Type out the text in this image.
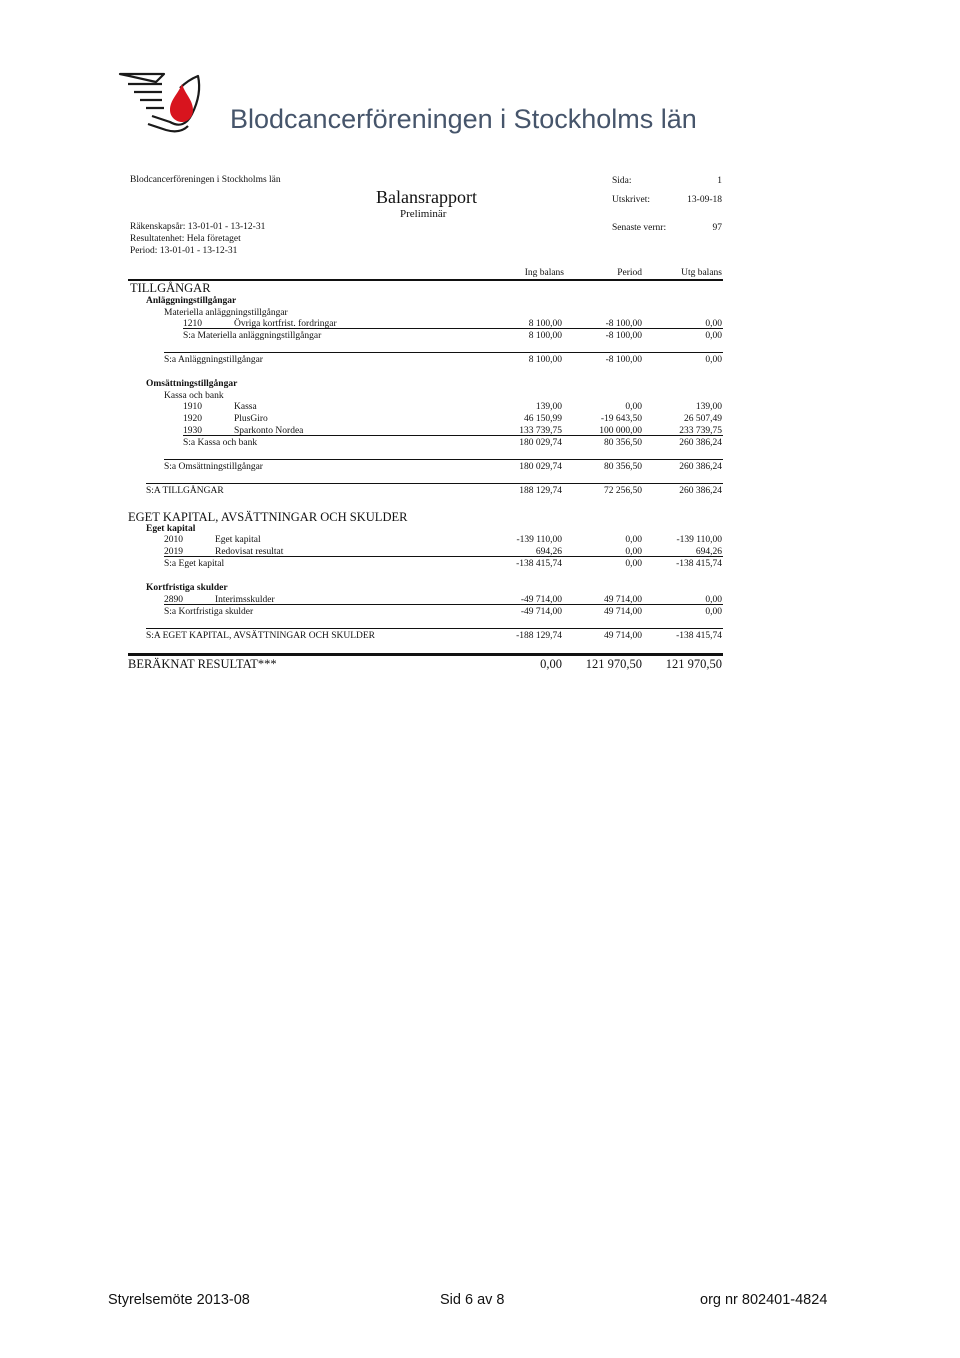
Blodcancerföreningen i Stockholms län
Blodcancerföreningen i Stockholms län
Räkenskapsår: 13-01-01 - 13-12-31
Resultatenhet: Hela företaget
Period: 13-01-01 - 13-12-31
Balansrapport
Preliminär
Sida:	1
Utskrivet:	13-09-18
Senaste vernr:	97
Ing balans	Period	Utg balans
TILLGÅNGAR
Anläggningstillgångar
Materiella anläggningstillgångar
1210	Övriga kortfrist. fordringar	8 100,00	-8 100,00	0,00
S:a Materiella anläggningstillgångar	8 100,00	-8 100,00	0,00
S:a Anläggningstillgångar	8 100,00	-8 100,00	0,00
Omsättningstillgångar
Kassa och bank
1910	Kassa	139,00	0,00	139,00
1920	PlusGiro	46 150,99	-19 643,50	26 507,49
1930	Sparkonto Nordea	133 739,75	100 000,00	233 739,75
S:a Kassa och bank	180 029,74	80 356,50	260 386,24
S:a Omsättningstillgångar	180 029,74	80 356,50	260 386,24
S:A TILLGÅNGAR	188 129,74	72 256,50	260 386,24
EGET KAPITAL, AVSÄTTNINGAR OCH SKULDER
Eget kapital
2010	Eget kapital	-139 110,00	0,00	-139 110,00
2019	Redovisat resultat	694,26	0,00	694,26
S:a Eget kapital	-138 415,74	0,00	-138 415,74
Kortfristiga skulder
2890	Interimsskulder	-49 714,00	49 714,00	0,00
S:a Kortfristiga skulder	-49 714,00	49 714,00	0,00
S:A EGET KAPITAL, AVSÄTTNINGAR OCH SKULDER	-188 129,74	49 714,00	-138 415,74
BERÄKNAT RESULTAT***	0,00	121 970,50	121 970,50
Styrelsemöte 2013-08	Sid 6 av 8	org nr 802401-4824
